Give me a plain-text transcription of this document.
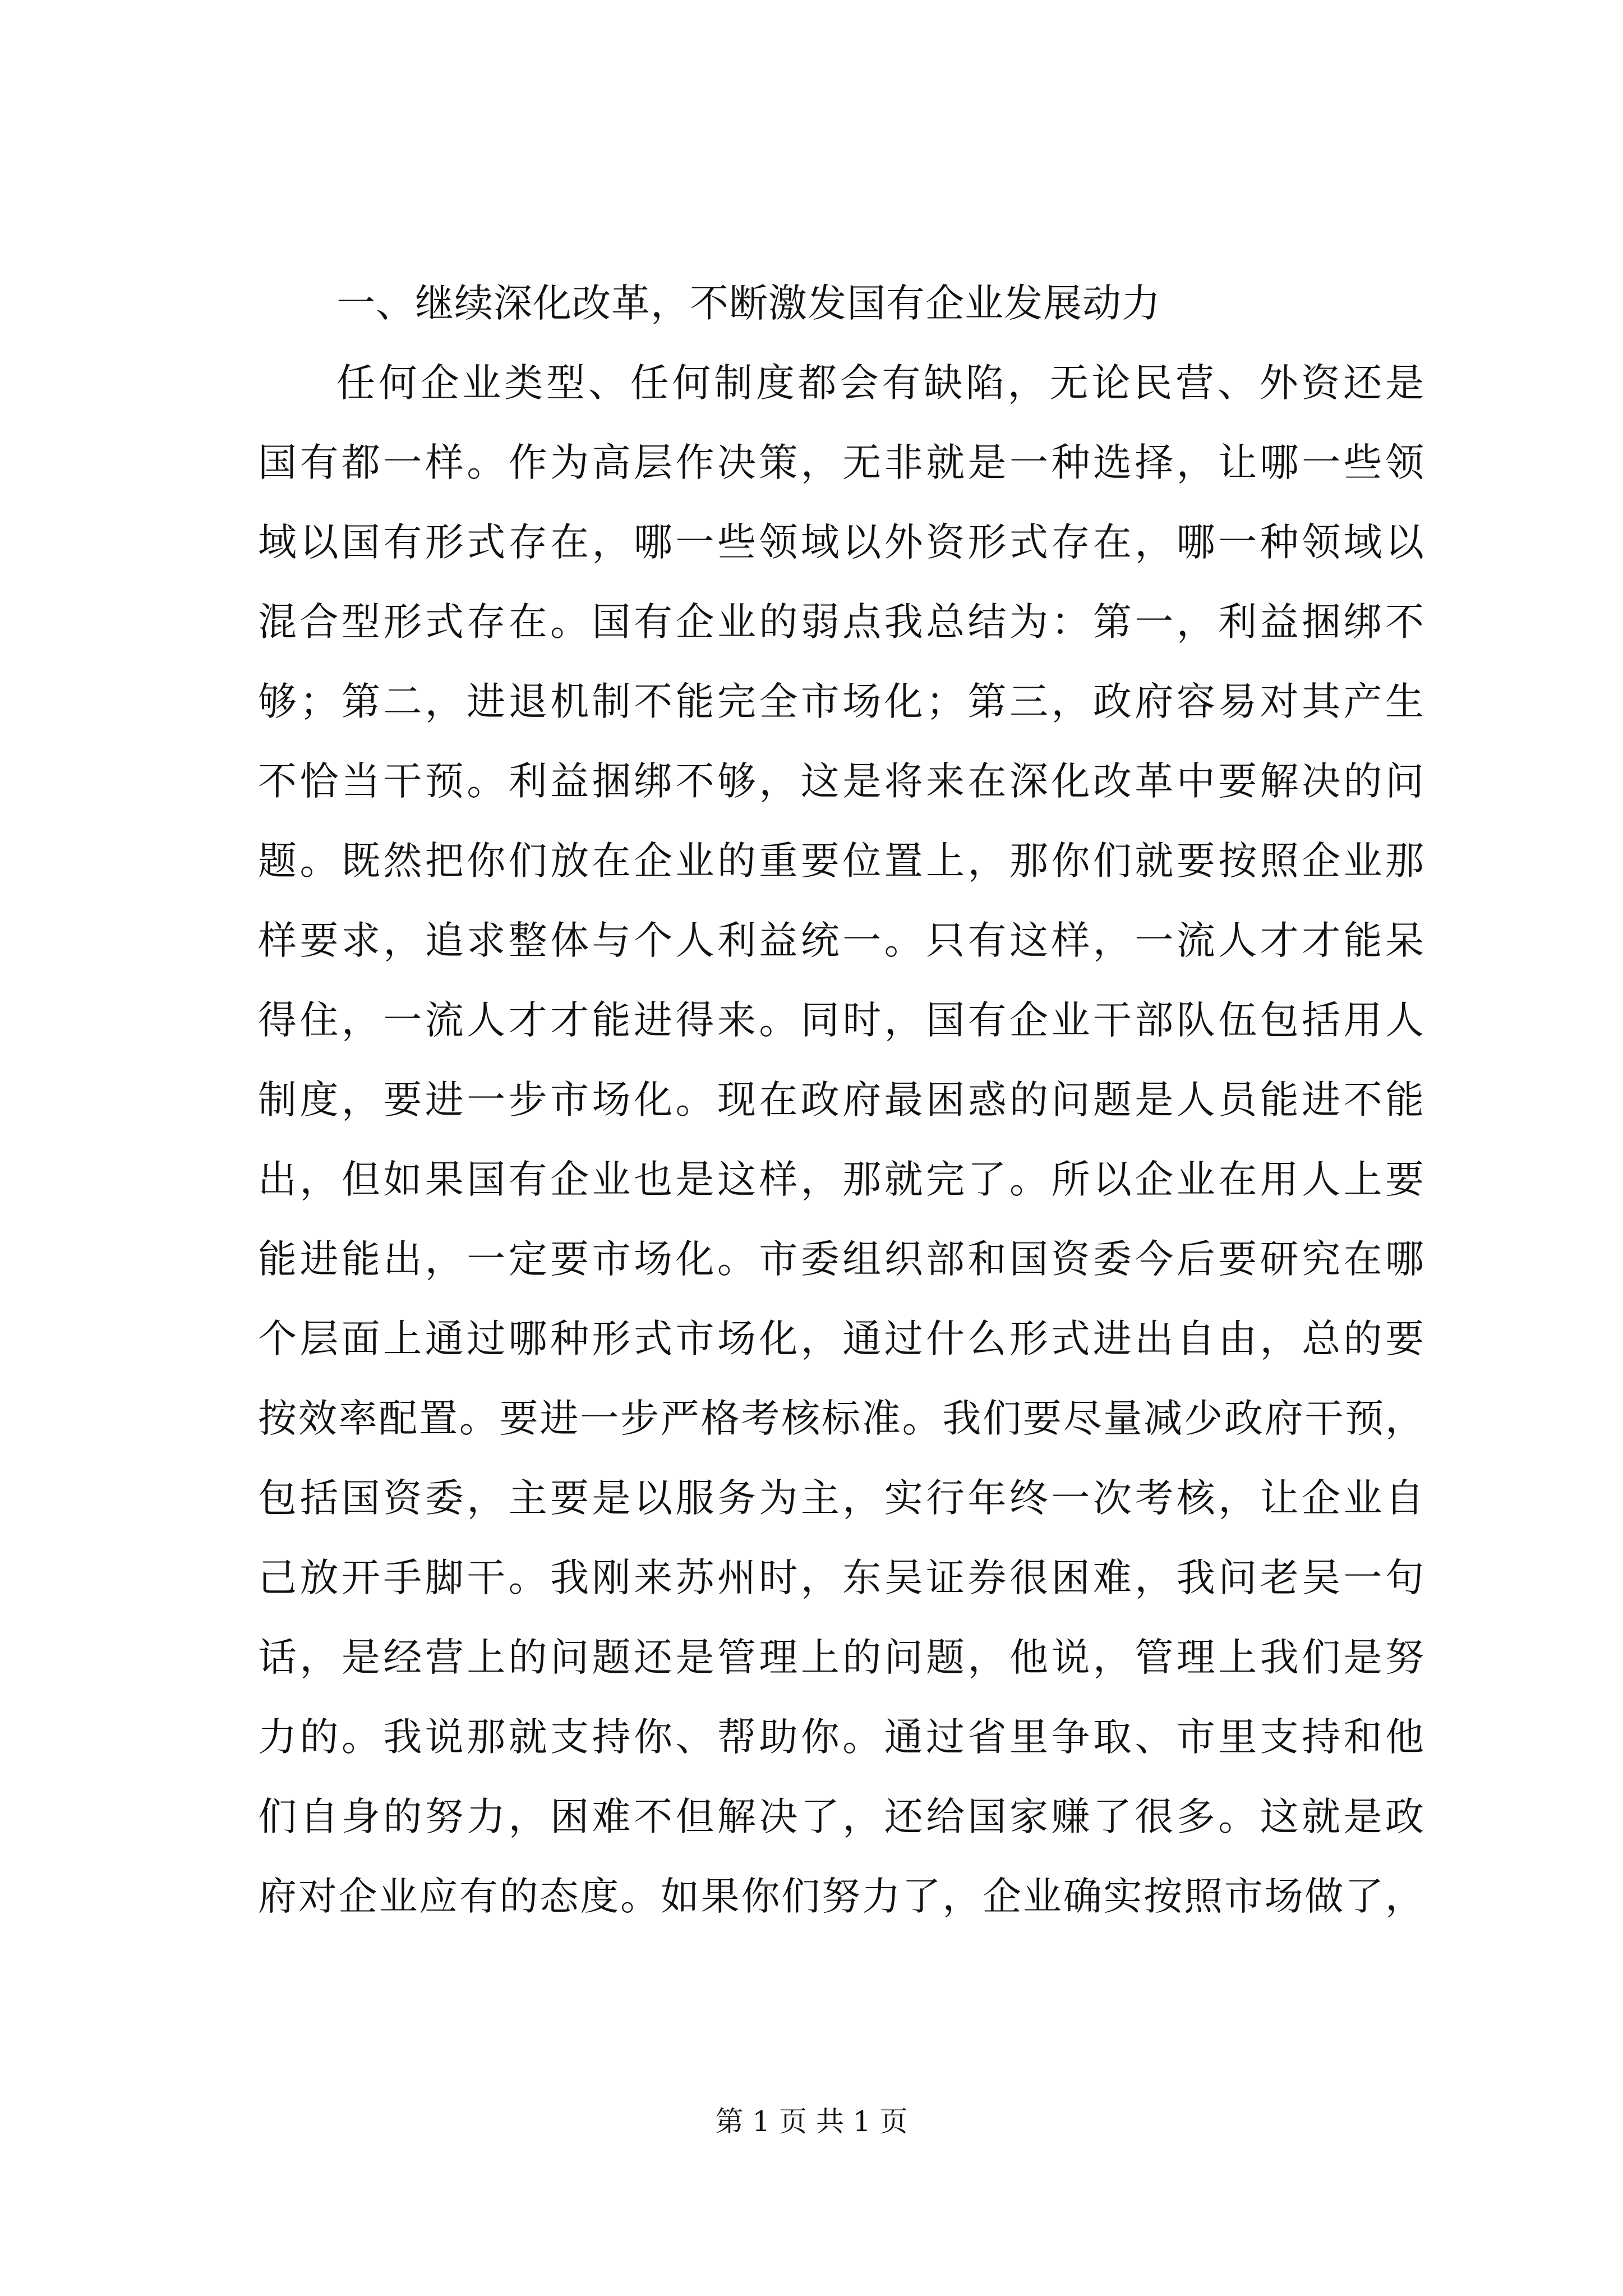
一、继续深化改革，不断激发国有企业发展动力
任何企业类型、任何制度都会有缺陷，无论民营、外资还是
国有都一样。作为高层作决策，无非就是一种选择，让哪一些领
域以国有形式存在，哪一些领域以外资形式存在，哪一种领域以
混合型形式存在。国有企业的弱点我总结为：第一，利益捆绑不
够；第二，进退机制不能完全市场化；第三，政府容易对其产生
不恰当干预。利益捆绑不够，这是将来在深化改革中要解决的问
题。既然把你们放在企业的重要位置上，那你们就要按照企业那
样要求，追求整体与个人利益统一。只有这样，一流人才才能呆
得住，一流人才才能进得来。同时，国有企业干部队伍包括用人
制度，要进一步市场化。现在政府最困惑的问题是人员能进不能
出，但如果国有企业也是这样，那就完了。所以企业在用人上要
能进能出，一定要市场化。市委组织部和国资委今后要研究在哪
个层面上通过哪种形式市场化，通过什么形式进出自由，总的要
按效率配置。要进一步严格考核标准。我们要尽量减少政府干预，
包括国资委，主要是以服务为主，实行年终一次考核，让企业自
己放开手脚干。我刚来苏州时，东吴证券很困难，我问老吴一句
话，是经营上的问题还是管理上的问题，他说，管理上我们是努
力的。我说那就支持你、帮助你。通过省里争取、市里支持和他
们自身的努力，困难不但解决了，还给国家赚了很多。这就是政
府对企业应有的态度。如果你们努力了，企业确实按照市场做了，
第 1 页 共 1 页
